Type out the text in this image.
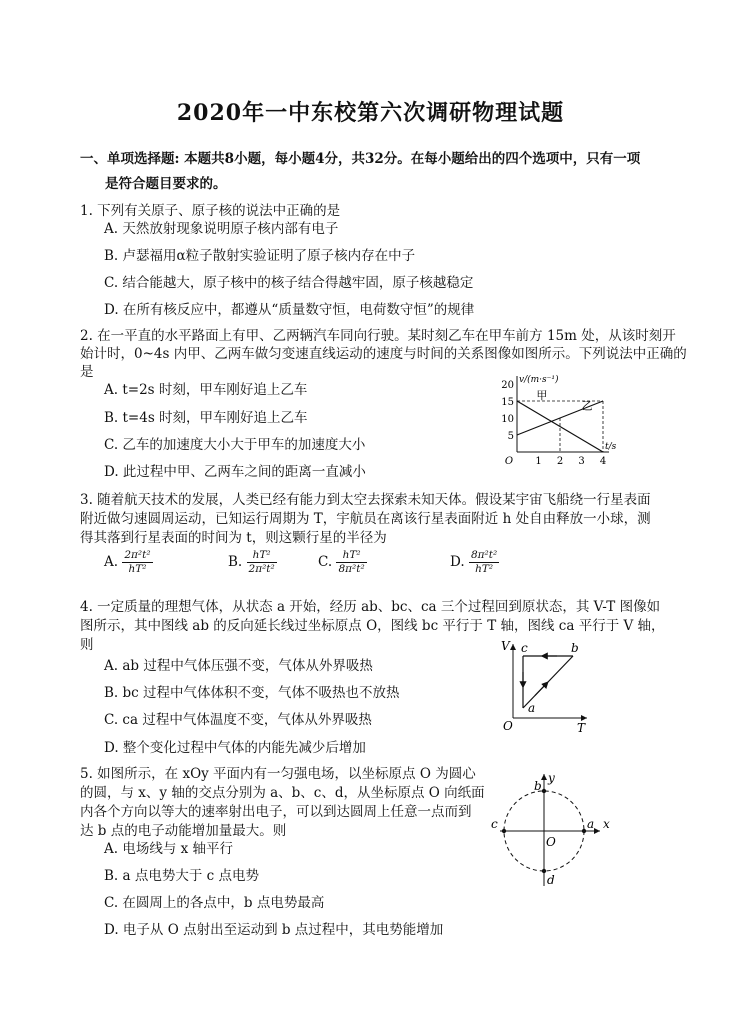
2020年一中东校第六次调研物理试题
一、单项选择题: 本题共8小题，每小题4分，共32分。在每小题给出的四个选项中，只有一项
是符合题目要求的。
1. 下列有关原子、原子核的说法中正确的是
A. 天然放射现象说明原子核内部有电子
B. 卢瑟福用α粒子散射实验证明了原子核内存在中子
C. 结合能越大，原子核中的核子结合得越牢固，原子核越稳定
D. 在所有核反应中，都遵从“质量数守恒，电荷数守恒”的规律
2. 在一平直的水平路面上有甲、乙两辆汽车同向行驶。某时刻乙车在甲车前方 15m 处，从该时刻开
始计时，0~4s 内甲、乙两车做匀变速直线运动的速度与时间的关系图像如图所示。下列说法中正确的
是
A. t=2s 时刻，甲车刚好追上乙车
B. t=4s 时刻，甲车刚好追上乙车
C. 乙车的加速度大小大于甲车的加速度大小
D. 此过程中甲、乙两车之间的距离一直减小
20
15
10
5
1 2 3 4
O
v/(m·s⁻¹)
t/s
甲
乙
3. 随着航天技术的发展，人类已经有能力到太空去探索未知天体。假设某宇宙飞船绕一行星表面
附近做匀速圆周运动，已知运行周期为 T，宇航员在离该行星表面附近 h 处自由释放一小球，测
得其落到行星表面的时间为 t，则这颗行星的半径为
A. $\frac{\text{2π²t²}}{\text{hT²}}$	B. $\frac{\text{hT²}}{\text{2π²t²}}$	C. $\frac{\text{hT²}}{\text{8π²t²}}$	D. $\frac{\text{8π²t²}}{\text{hT²}}$
4. 一定质量的理想气体，从状态 a 开始，经历 ab、bc、ca 三个过程回到原状态，其 V-T 图像如
图所示，其中图线 ab 的反向延长线过坐标原点 O，图线 bc 平行于 T 轴，图线 ca 平行于 V 轴，
则
A. ab 过程中气体压强不变，气体从外界吸热
B. bc 过程中气体体积不变，气体不吸热也不放热
C. ca 过程中气体温度不变，气体从外界吸热
D. 整个变化过程中气体的内能先减少后增加
V
T
O
a
b
c
5. 如图所示，在 xOy 平面内有一匀强电场，以坐标原点 O 为圆心
的圆，与 x、y 轴的交点分别为 a、b、c、d，从坐标原点 O 向纸面
内各个方向以等大的速率射出电子，可以到达圆周上任意一点而到
达 b 点的电子动能增加量最大。则
A. 电场线与 x 轴平行
B. a 点电势大于 c 点电势
C. 在圆周上的各点中，b 点电势最高
D. 电子从 O 点射出至运动到 b 点过程中，其电势能增加
x
y
O
a
b
c
d
